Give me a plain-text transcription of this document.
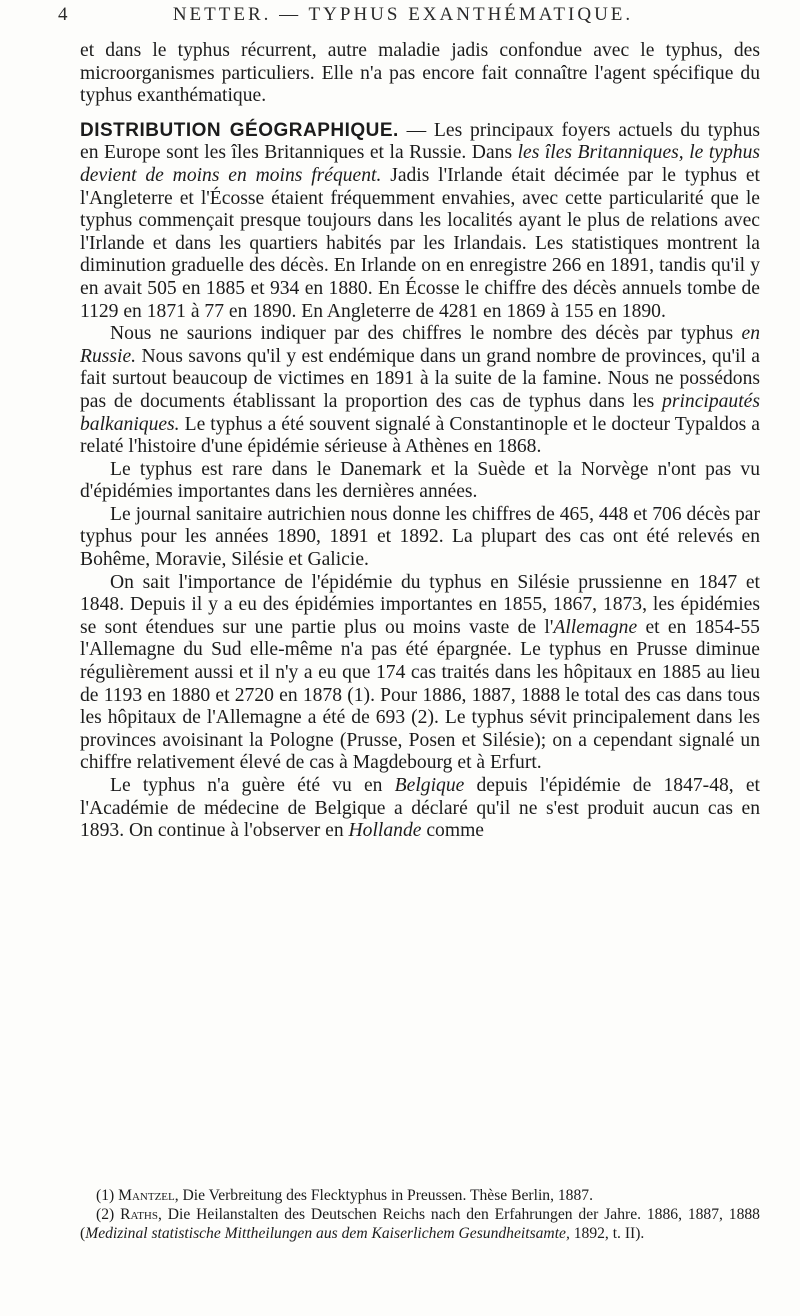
4	NETTER. — TYPHUS EXANTHÉMATIQUE.

et dans le typhus récurrent, autre maladie jadis confondue avec le typhus, des microorganismes particuliers. Elle n'a pas encore fait connaître l'agent spécifique du typhus exanthématique.

DISTRIBUTION GÉOGRAPHIQUE. — Les principaux foyers actuels du typhus en Europe sont les îles Britanniques et la Russie. Dans les îles Britanniques, le typhus devient de moins en moins fréquent. Jadis l'Irlande était décimée par le typhus et l'Angleterre et l'Écosse étaient fréquemment envahies, avec cette particularité que le typhus commençait presque toujours dans les localités ayant le plus de relations avec l'Irlande et dans les quartiers habités par les Irlandais. Les statistiques montrent la diminution graduelle des décès. En Irlande on en enregistre 266 en 1891, tandis qu'il y en avait 505 en 1885 et 934 en 1880. En Écosse le chiffre des décès annuels tombe de 1129 en 1871 à 77 en 1890. En Angleterre de 4281 en 1869 à 155 en 1890.

Nous ne saurions indiquer par des chiffres le nombre des décès par typhus en Russie. Nous savons qu'il y est endémique dans un grand nombre de provinces, qu'il a fait surtout beaucoup de victimes en 1891 à la suite de la famine. Nous ne possédons pas de documents établissant la proportion des cas de typhus dans les principautés balkaniques. Le typhus a été souvent signalé à Constantinople et le docteur Typaldos a relaté l'histoire d'une épidémie sérieuse à Athènes en 1868.

Le typhus est rare dans le Danemark et la Suède et la Norvège n'ont pas vu d'épidémies importantes dans les dernières années.

Le journal sanitaire autrichien nous donne les chiffres de 465, 448 et 706 décès par typhus pour les années 1890, 1891 et 1892. La plupart des cas ont été relevés en Bohême, Moravie, Silésie et Galicie.

On sait l'importance de l'épidémie du typhus en Silésie prussienne en 1847 et 1848. Depuis il y a eu des épidémies importantes en 1855, 1867, 1873, les épidémies se sont étendues sur une partie plus ou moins vaste de l'Allemagne et en 1854-55 l'Allemagne du Sud elle-même n'a pas été épargnée. Le typhus en Prusse diminue régulièrement aussi et il n'y a eu que 174 cas traités dans les hôpitaux en 1885 au lieu de 1193 en 1880 et 2720 en 1878 (1). Pour 1886, 1887, 1888 le total des cas dans tous les hôpitaux de l'Allemagne a été de 693 (2). Le typhus sévit principalement dans les provinces avoisinant la Pologne (Prusse, Posen et Silésie); on a cependant signalé un chiffre relativement élevé de cas à Magdebourg et à Erfurt.

Le typhus n'a guère été vu en Belgique depuis l'épidémie de 1847-48, et l'Académie de médecine de Belgique a déclaré qu'il ne s'est produit aucun cas en 1893. On continue à l'observer en Hollande comme

(1) Mantzel, Die Verbreitung des Flecktyphus in Preussen. Thèse Berlin, 1887.

(2) Raths, Die Heilanstalten des Deutschen Reichs nach den Erfahrungen der Jahre. 1886, 1887, 1888 (Medizinal statistische Mittheilungen aus dem Kaiserlichem Gesundheitsamte, 1892, t. II).
